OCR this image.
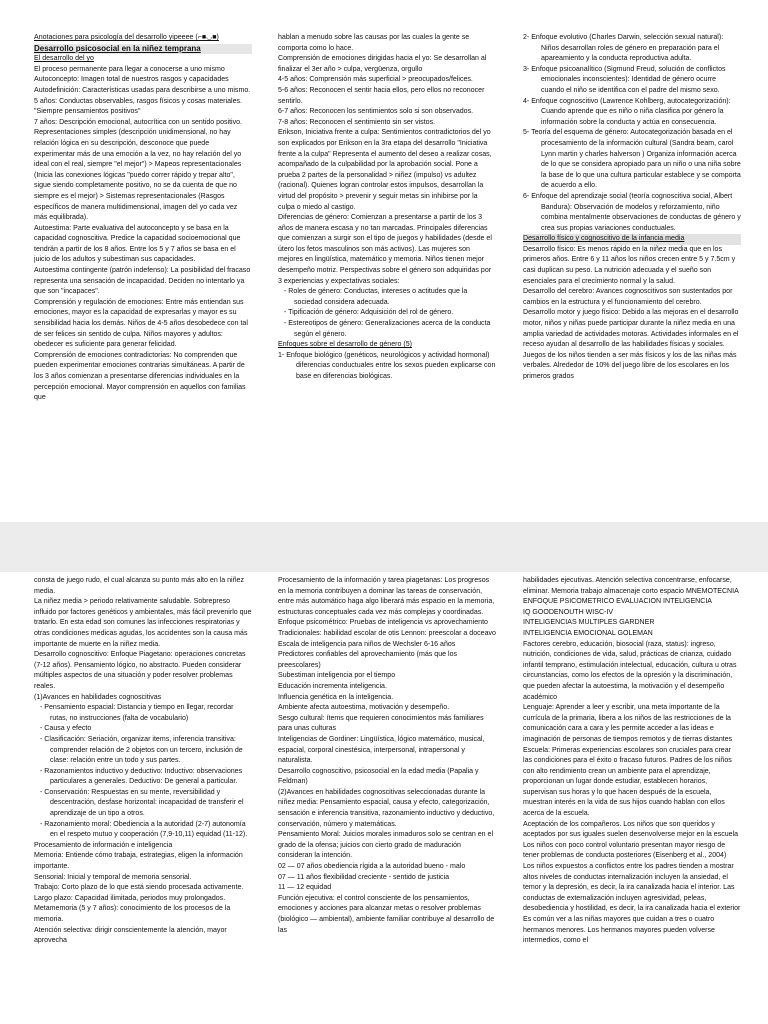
Anotaciones para psicología del desarrollo yipeeee (⌐■◡■)

Desarrollo psicosocial en la niñez temprana

El desarrollo del yo

El proceso permanente para llegar a conocerse a uno mismo

Autoconcepto: Imagen total de nuestros rasgos y capacidades

Autodefinición: Características usadas para describirse a uno mismo.

5 años: Conductas observables, rasgos físicos y cosas materiales. "Siempre pensamientos positivos"

7 años: Descripción emocional, autocrítica con un sentido positivo.

Representaciones simples (descripción unidimensional, no hay relación lógica en su descripción, desconoce que puede experimentar más de una emoción a la vez, no hay relación del yo ideal con el real, siempre "el mejor") > Mapeos representacionales (Inicia las conexiones lógicas "puedo correr rápido y trepar alto", sigue siendo completamente positivo, no se da cuenta de que no siempre es el mejor) > Sistemas representacionales (Rasgos específicos de manera multidimensional, imagen del yo cada vez más equilibrada).

Autoestima: Parte evaluativa del autoconcepto y se basa en la capacidad cognoscitiva. Predice la capacidad socioemocional que tendrán a partir de los 8 años. Entre los 5 y 7 años se basa en el juicio de los adultos y subestiman sus capacidades.

Autoestima contingente (patrón indefenso): La posibilidad del fracaso representa una sensación de incapacidad. Deciden no intentarlo ya que son "incapaces".

Comprensión y regulación de emociones: Entre más entiendan sus emociones, mayor es la capacidad de expresarlas y mayor es su sensibilidad hacia los demás. Niños de 4-5 años desobedece con tal de ser felices sin sentido de culpa. Niños mayores y adultos: obedecer es suficiente para generar felicidad.

Comprensión de emociones contradictorias: No comprenden que pueden experimentar emociones contrarias simultáneas. A partir de los 3 años comienzan a presentarse diferencias individuales en la percepción emocional. Mayor comprensión en aquellos con familias que

hablan a menudo sobre las causas por las cuales la gente se comporta como lo hace.

Comprensión de emociones dirigidas hacia el yo: Se desarrollan al finalizar el 3er año > culpa, vergüenza, orgullo

4-5 años: Comprensión más superficial > preocupados/felices.

5-6 años: Reconocen el sentir hacia ellos, pero ellos no reconocer sentirlo.

6-7 años: Reconocen los sentimientos solo si son observados.

7-8 años: Reconocen el sentimiento sin ser vistos.

Erikson, Iniciativa frente a culpa: Sentimientos contradictorios del yo son explicados por Erikson en la 3ra etapa del desarrollo "Iniciativa frente a la culpa" Representa el aumento del deseo a realizar cosas, acompañado de la culpabilidad por la aprobación social. Pone a prueba 2 partes de la personalidad > niñez (impulso) vs adultez (racional). Quienes logran controlar estos impulsos, desarrollan la virtud del propósito > prevenir y seguir metas sin inhibirse por la culpa o miedo al castigo.

Diferencias de género: Comienzan a presentarse a partir de los 3 años de manera escasa y no tan marcadas. Principales diferencias que comienzan a surgir son el tipo de juegos y habilidades (desde el útero los fetos masculinos son más activos). Las mujeres son mejores en lingüística, matemático y memoria. Niños tienen mejor desempeño motriz. Perspectivas sobre el género son adquiridas por 3 experiencias y expectativas sociales:

- Roles de género: Conductas, intereses o actitudes que la sociedad considera adecuada.

- Tipificación de género: Adquisición del rol de género.

- Estereotipos de género: Generalizaciones acerca de la conducta según el género.

Enfoques sobre el desarrollo de género (5)

1- Enfoque biológico (genéticos, neurológicos y actividad hormonal) diferencias conductuales entre los sexos pueden explicarse con base en diferencias biológicas.

2- Enfoque evolutivo (Charles Darwin, selección sexual natural): Niños desarrollan roles de género en preparación para el apareamiento y la conducta reproductiva adulta.

3- Enfoque psicoanalítico (Sigmund Freud, solución de conflictos emocionales inconscientes): Identidad de género ocurre cuando el niño se identifica con el padre del mismo sexo.

4- Enfoque cognoscitivo (Lawrence Kohlberg, autocategorización): Cuando aprende que es niño o niña clasifica por género la información sobre la conducta y actúa en consecuencia.

5- Teoría del esquema de género: Autocategorización basada en el procesamiento de la información cultural (Sandra beam, carol Lynn martin y charles halverson ) Organiza información acerca de lo que se considera apropiado para un niño o una niña sobre la base de lo que una cultura particular establece y se comporta de acuerdo a ello.

6- Enfoque del aprendizaje social (teoría cognoscitiva social, Albert Bandura): Observación de modelos y reforzamiento, niño combina mentalmente observaciones de conductas de género y crea sus propias variaciones conductuales.

Desarrollo físico y cognoscitivo de la infancia media

Desarrollo físico: Es menos rápido en la niñez media que en los primeros años. Entre 6 y 11 años los niños crecen entre 5 y 7.5cm y casi duplican su peso. La nutrición adecuada y el sueño son esenciales para el crecimiento normal y la salud.

Desarrollo del cerebro: Avances cognoscitivos son sustentados por cambios en la estructura y el funcionamiento del cerebro.

Desarrollo motor y juego físico: Debido a las mejoras en el desarrollo motor, niños y niñas puede participar durante la niñez media en una amplia variedad de actividades motoras. Actividades informales en el receso ayudan al desarrollo de las habilidades físicas y sociales. Juegos de los niños tienden a ser más físicos y los de las niñas más verbales. Alrededor de 10% del juego libre de los escolares en los primeros grados

consta de juego rudo, el cual alcanza su punto más alto en la niñez media.

La niñez media > periodo relativamente saludable. Sobrepreso influido por factores genéticos y ambientales, más fácil prevenirlo que tratarlo. En esta edad son comunes las infecciones respiratorias y otras condiciones medicas agudas, los accidentes son la causa más importante de muerte en la niñez media.

Desarrollo cognoscitivo: Enfoque Piagetano: operaciones concretas (7-12 años). Pensamiento lógico, no abstracto. Pueden considerar múltiples aspectos de una situación y poder resolver problemas reales.

(1)Avances en habilidades cognoscitivas

- Pensamiento espacial: Distancia y tiempo en llegar, recordar rutas, no instrucciones (falta de vocabulario)

- Causa y efecto

- Clasificación: Seriación, organizar items, inferencia transitiva: comprender relación de 2 objetos con un tercero, inclusión de clase: relación entre un todo y sus partes.

- Razonamientos inductivo y deductivo: Inductivo: observaciones particulares a generales. Deductivo: De general a particular.

- Conservación: Respuestas en su mente, reversibilidad y descentración, desfase horizontal: incapacidad de transferir el aprendizaje de un tipo a otros.

- Razonamiento moral: Obediencia a la autoridad (2-7) autonomía en el respeto mutuo y cooperación (7,9-10,11) equidad (11-12).

Procesamiento de información e inteligencia

Memoria: Entiende cómo trabaja, estrategias, eligen la información importante.

Sensorial: Inicial y temporal de memoria sensorial.

Trabajo: Corto plazo de lo que está siendo procesada activamente.

Largo plazo: Capacidad ilimitada, periodos muy prolongados.

Metamemoria (5 y 7 años): conocimiento de los procesos de la memoria.

Atención selectiva: dirigir conscientemente la atención, mayor aprovecha

Procesamiento de la información y tarea piagetanas: Los progresos en la memoria contribuyen a dominar las tareas de conservación, entre más automático haga algo liberará más espacio en la memoria, estructuras conceptuales cada vez más complejas y coordinadas.

Enfoque psicométrico: Pruebas de inteligencia vs aprovechamiento

Tradicionales: habilidad escolar de otis Lennon: preescolar a doceavo

Escala de inteligencia para niños de Wechsler 6-16 años

Predictores confiables del aprovechamiento (más que los preescolares)

Subestiman inteligencia por el tiempo

Educación incrementa inteligencia.

Influencia genética en la inteligencia.

Ambiente afecta autoestima, motivación y desempeño.

Sesgo cultural: ítems que requieren conocimientos más familiares para unas culturas

Inteligencias de Gordiner: Lingüística, lógico matemático, musical, espacial, corporal cinestésica, interpersonal, intrapersonal y naturalista.

Desarrollo cognoscitivo, psicosocial en la edad media (Papalia y Feldman)

(2)Avances en habilidades cognoscitivas seleccionadas durante la niñez media: Pensamiento espacial, causa y efecto, categorización, sensación e inferencia transitiva, razonamiento inductivo y deductivo, conservación, número y matemáticas.

Pensamiento Moral: Juicios morales inmaduros solo se centran en el grado de la ofensa; juicios con cierto grado de maduración consideran la intención.

02 — 07 años obediencia rígida a la autoridad bueno - malo

07 — 11 años flexibilidad creciente - sentido de justicia

11 — 12 equidad

Función ejecutiva: el control consciente de los pensamientos, emociones y acciones para alcanzar metas o resolver problemas (biológico — ambiental), ambiente familiar contribuye al desarrollo de las

habilidades ejecutivas. Atención selectiva concentrarse, enfocarse, eliminar. Memoria trabajo almacenaje corto espacio MNEMOTECNIA

ENFOQUE PSICOMETRICO EVALUACION INTELIGENCIA

IQ GOODENOUTH WISC-IV

INTELIGENCIAS MULTIPLES GARDNER

INTELIGENCIA EMOCIONAL GOLEMAN

Factores cerebro, educación, biosocial (raza, status): ingreso, nutrición, condiciones de vida, salud, prácticas de crianza, cuidado infantil temprano, estimulación intelectual, educación, cultura u otras circunstancias, como los efectos de la opresión y la discriminación, que pueden afectar la autoestima, la motivación y el desempeño académico

Lenguaje: Aprender a leer y escribir, una meta importante de la currícula de la primaria, libera a los niños de las restricciones de la comunicación cara a cara y les permite acceder a las ideas e imaginación de personas de tiempos remotos y de tierras distantes

Escuela: Primeras experiencias escolares son cruciales para crear las condiciones para el éxito o fracaso futuros. Padres de los niños con alto rendimiento crean un ambiente para el aprendizaje, proporcionan un lugar donde estudiar, establecen horarios, supervisan sus horas y lo que hacen después de la escuela, muestran interés en la vida de sus hijos cuando hablan con ellos acerca de la escuela.

Aceptación de los compañeros. Los niños que son queridos y aceptados por sus iguales suelen desenvolverse mejor en la escuela

Los niños con poco control voluntario presentan mayor riesgo de tener problemas de conducta posteriores (Eisenberg et al., 2004)

Los niños expuestos a conflictos entre los padres tienden a mostrar altos niveles de conductas internalización incluyen la ansiedad, el temor y la depresión, es decir, la ira canalizada hacia el interior. Las conductas de externalización incluyen agresividad, peleas, desobediencia y hostilidad, es decir, la ira canalizada hacia el exterior

Es común ver a las niñas mayores que cuidan a tres o cuatro hermanos menores. Los hermanos mayores pueden volverse intermedios, como el
